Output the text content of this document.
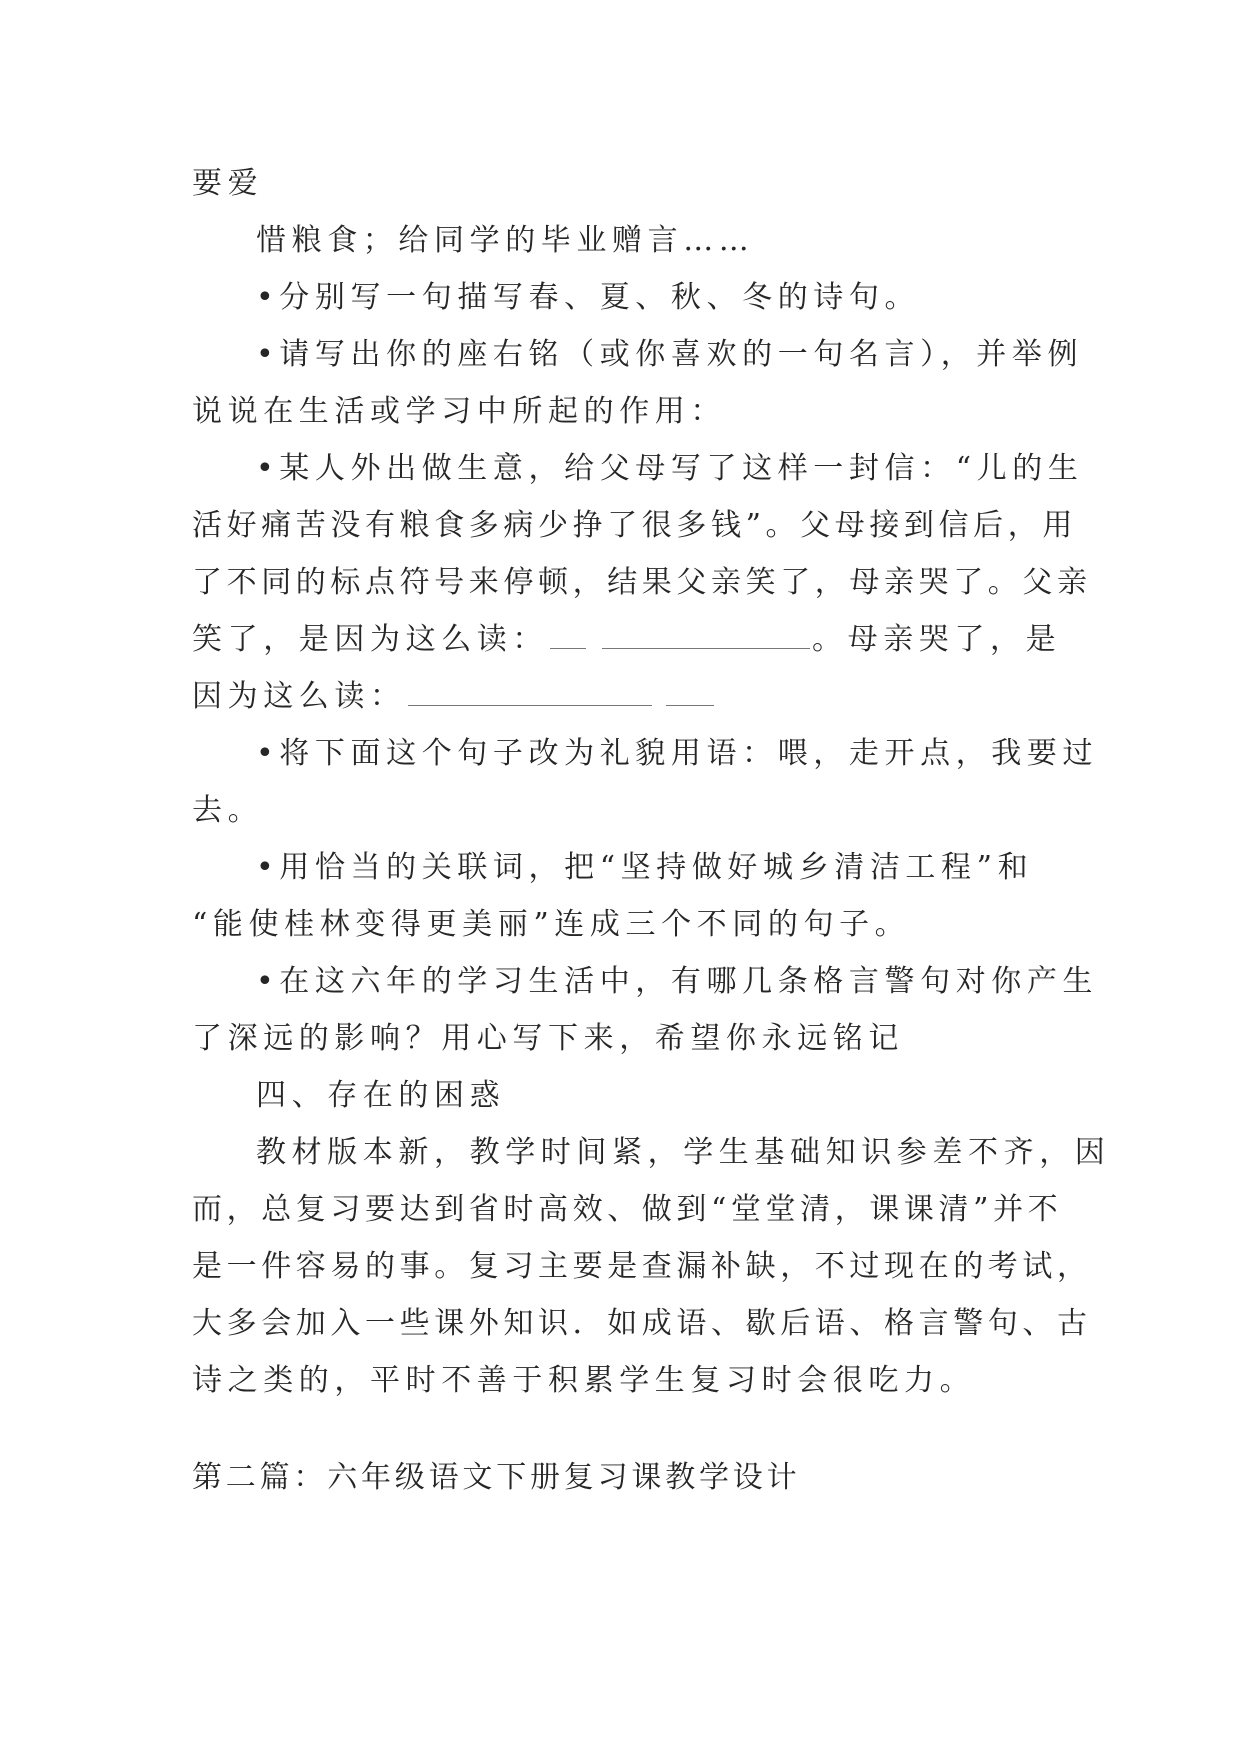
要爱
惜粮食；给同学的毕业赠言……
•分别写一句描写春、夏、秋、冬的诗句。
•请写出你的座右铭（或你喜欢的一句名言），并举例
说说在生活或学习中所起的作用：
•某人外出做生意，给父母写了这样一封信：“儿的生
活好痛苦没有粮食多病少挣了很多钱”。父母接到信后，用
了不同的标点符号来停顿，结果父亲笑了，母亲哭了。父亲
笑了，是因为这么读：	。母亲哭了，是
因为这么读：
•将下面这个句子改为礼貌用语：喂，走开点，我要过
去。
•用恰当的关联词，把“坚持做好城乡清洁工程”和
“能使桂林变得更美丽”连成三个不同的句子。
•在这六年的学习生活中，有哪几条格言警句对你产生
了深远的影响？用心写下来，希望你永远铭记
四、存在的困惑
教材版本新，教学时间紧，学生基础知识参差不齐，因
而，总复习要达到省时高效、做到“堂堂清，课课清”并不
是一件容易的事。复习主要是查漏补缺，不过现在的考试，
大多会加入一些课外知识．如成语、歇后语、格言警句、古
诗之类的，平时不善于积累学生复习时会很吃力。
第二篇：六年级语文下册复习课教学设计
